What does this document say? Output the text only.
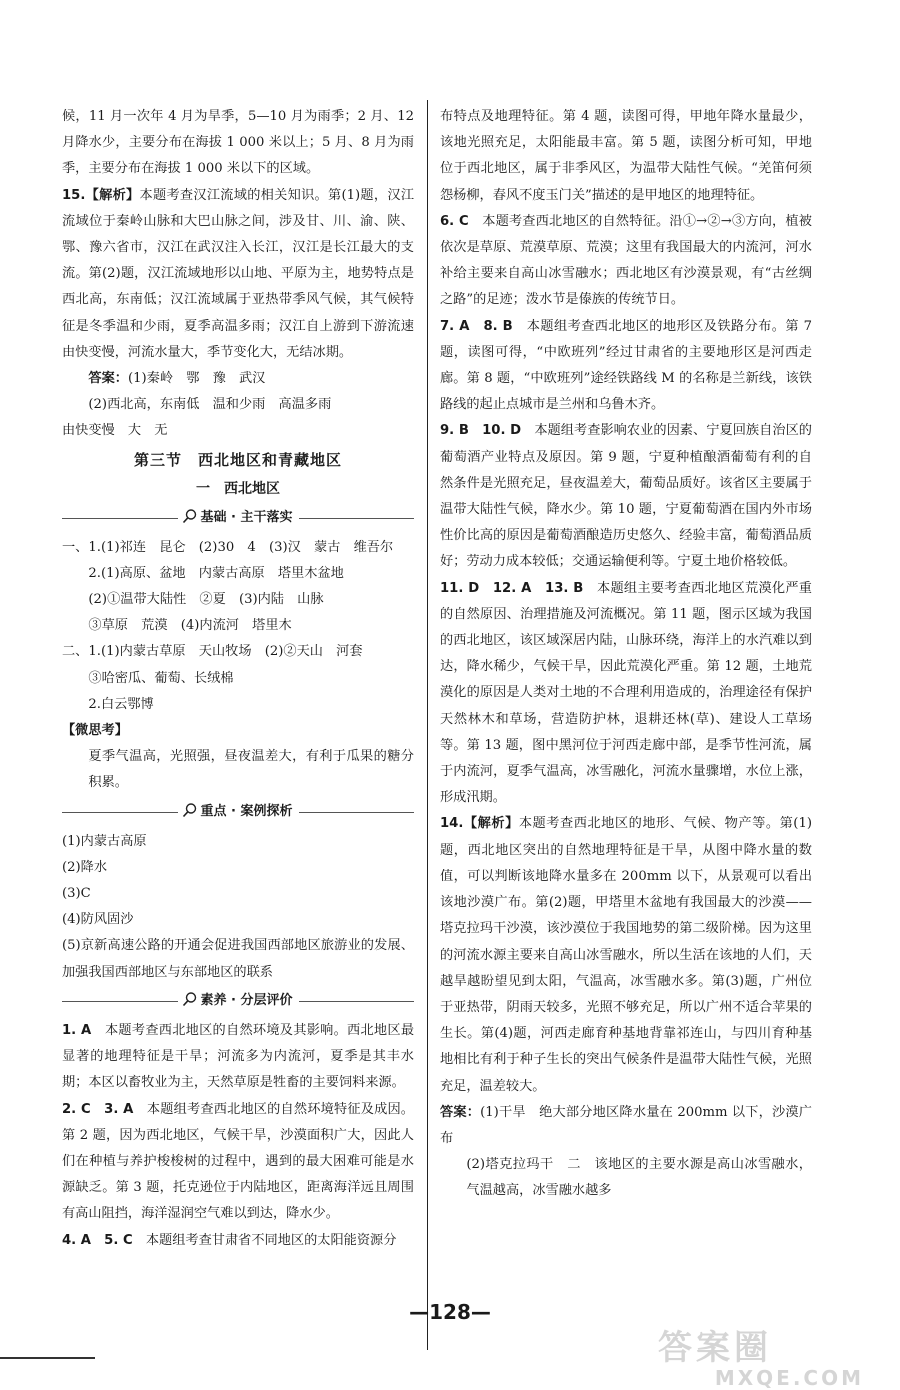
候，11 月一次年 4 月为旱季，5—10 月为雨季；2 月、12 月降水少，主要分布在海拔 1 000 米以上；5 月、8 月为雨季，主要分布在海拔 1 000 米以下的区域。

15.【解析】本题考查汉江流域的相关知识。第(1)题，汉江流域位于秦岭山脉和大巴山脉之间，涉及甘、川、渝、陕、鄂、豫六省市，汉江在武汉注入长江，汉江是长江最大的支流。第(2)题，汉江流域地形以山地、平原为主，地势特点是西北高，东南低；汉江流域属于亚热带季风气候，其气候特征是冬季温和少雨，夏季高温多雨；汉江自上游到下游流速由快变慢，河流水量大，季节变化大，无结冰期。

答案：(1)秦岭　鄂　豫　武汉

(2)西北高，东南低　温和少雨　高温多雨

由快变慢　大　无

第三节　西北地区和青藏地区

一　西北地区

基础 · 主干落实

一、1.(1)祁连　昆仑　(2)30　4　(3)汉　蒙古　维吾尔

2.(1)高原、盆地　内蒙古高原　塔里木盆地

(2)①温带大陆性　②夏　(3)内陆　山脉

③草原　荒漠　(4)内流河　塔里木

二、1.(1)内蒙古草原　天山牧场　(2)②天山　河套

③哈密瓜、葡萄、长绒棉

2.白云鄂博

【微思考】

夏季气温高，光照强，昼夜温差大，有利于瓜果的糖分积累。

重点 · 案例探析

(1)内蒙古高原

(2)降水

(3)C

(4)防风固沙

(5)京新高速公路的开通会促进我国西部地区旅游业的发展、加强我国西部地区与东部地区的联系

素养 · 分层评价

1. A　 本题考查西北地区的自然环境及其影响。西北地区最显著的地理特征是干旱；河流多为内流河，夏季是其丰水期；本区以畜牧业为主，天然草原是牲畜的主要饲料来源。

2. C　3. A　 本题组考查西北地区的自然环境特征及成因。第 2 题，因为西北地区，气候干旱，沙漠面积广大，因此人们在种植与养护梭梭树的过程中，遇到的最大困难可能是水源缺乏。第 3 题，托克逊位于内陆地区，距离海洋远且周围有高山阻挡，海洋湿润空气难以到达，降水少。

4. A　5. C　 本题组考查甘肃省不同地区的太阳能资源分

布特点及地理特征。第 4 题，读图可得，甲地年降水量最少，该地光照充足，太阳能最丰富。第 5 题，读图分析可知，甲地位于西北地区，属于非季风区，为温带大陆性气候。“羌笛何须怨杨柳，春风不度玉门关”描述的是甲地区的地理特征。

6. C　 本题考查西北地区的自然特征。沿①→②→③方向，植被依次是草原、荒漠草原、荒漠；这里有我国最大的内流河，河水补给主要来自高山冰雪融水；西北地区有沙漠景观，有“古丝绸之路”的足迹；泼水节是傣族的传统节日。

7. A　8. B　 本题组考查西北地区的地形区及铁路分布。第 7 题，读图可得，“中欧班列”经过甘肃省的主要地形区是河西走廊。第 8 题，“中欧班列”途经铁路线 M 的名称是兰新线，该铁路线的起止点城市是兰州和乌鲁木齐。

9. B　10. D　 本题组考查影响农业的因素、宁夏回族自治区的葡萄酒产业特点及原因。第 9 题，宁夏种植酿酒葡萄有利的自然条件是光照充足，昼夜温差大，葡萄品质好。该省区主要属于温带大陆性气候，降水少。第 10 题，宁夏葡萄酒在国内外市场性价比高的原因是葡萄酒酿造历史悠久、经验丰富，葡萄酒品质好；劳动力成本较低；交通运输便利等。宁夏土地价格较低。

11. D　12. A　13. B　 本题组主要考查西北地区荒漠化严重的自然原因、治理措施及河流概况。第 11 题，图示区域为我国的西北地区，该区域深居内陆，山脉环绕，海洋上的水汽难以到达，降水稀少，气候干旱，因此荒漠化严重。第 12 题，土地荒漠化的原因是人类对土地的不合理利用造成的，治理途径有保护天然林木和草场，营造防护林，退耕还林(草)、建设人工草场等。第 13 题，图中黑河位于河西走廊中部，是季节性河流，属于内流河，夏季气温高，冰雪融化，河流水量骤增，水位上涨，形成汛期。

14.【解析】本题考查西北地区的地形、气候、物产等。第(1)题，西北地区突出的自然地理特征是干旱，从图中降水量的数值，可以判断该地降水量多在 200mm 以下，从景观可以看出该地沙漠广布。第(2)题，甲塔里木盆地有我国最大的沙漠——塔克拉玛干沙漠，该沙漠位于我国地势的第二级阶梯。因为这里的河流水源主要来自高山冰雪融水，所以生活在该地的人们，天越旱越盼望见到太阳，气温高，冰雪融水多。第(3)题，广州位于亚热带，阴雨天较多，光照不够充足，所以广州不适合苹果的生长。第(4)题，河西走廊育种基地背靠祁连山，与四川育种基地相比有利于种子生长的突出气候条件是温带大陆性气候，光照充足，温差较大。

答案：(1)干旱　绝大部分地区降水量在 200mm 以下，沙漠广布

(2)塔克拉玛干　二　该地区的主要水源是高山冰雪融水，气温越高，冰雪融水越多

—128—
答案圈
MXQE.COM
